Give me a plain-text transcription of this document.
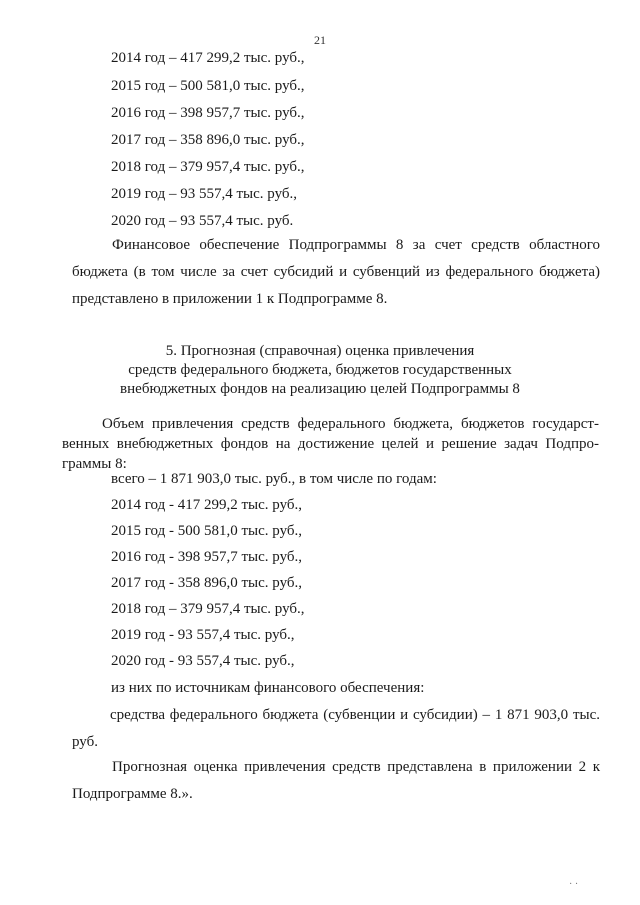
21
2014 год – 417 299,2 тыс. руб.,
2015 год – 500 581,0 тыс. руб.,
2016 год – 398 957,7 тыс. руб.,
2017 год – 358 896,0 тыс. руб.,
2018 год – 379 957,4 тыс. руб.,
2019 год – 93 557,4 тыс. руб.,
2020 год – 93 557,4 тыс. руб.
Финансовое обеспечение Подпрограммы 8 за счет средств областного бюджета (в том числе за счет субсидий и субвенций из федерального бюджета) представлено в приложении 1 к Подпрограмме 8.
5. Прогнозная (справочная) оценка привлечения
средств федерального бюджета, бюджетов государственных
внебюджетных фондов на реализацию целей Подпрограммы 8
Объем привлечения средств федерального бюджета, бюджетов государст-венных внебюджетных фондов на достижение целей и решение задач Подпро-граммы 8:
всего – 1 871 903,0 тыс. руб., в том числе по годам:
2014 год - 417 299,2 тыс. руб.,
2015 год - 500 581,0 тыс. руб.,
2016 год - 398 957,7 тыс. руб.,
2017 год - 358 896,0 тыс. руб.,
2018 год – 379 957,4 тыс. руб.,
2019 год - 93 557,4 тыс. руб.,
2020 год - 93 557,4 тыс. руб.,
из них по источникам финансового обеспечения:
средства федерального бюджета (субвенции и субсидии) – 1 871 903,0 тыс. руб.
Прогнозная оценка привлечения средств представлена в приложении 2 к Подпрограмме 8.».
· ·
